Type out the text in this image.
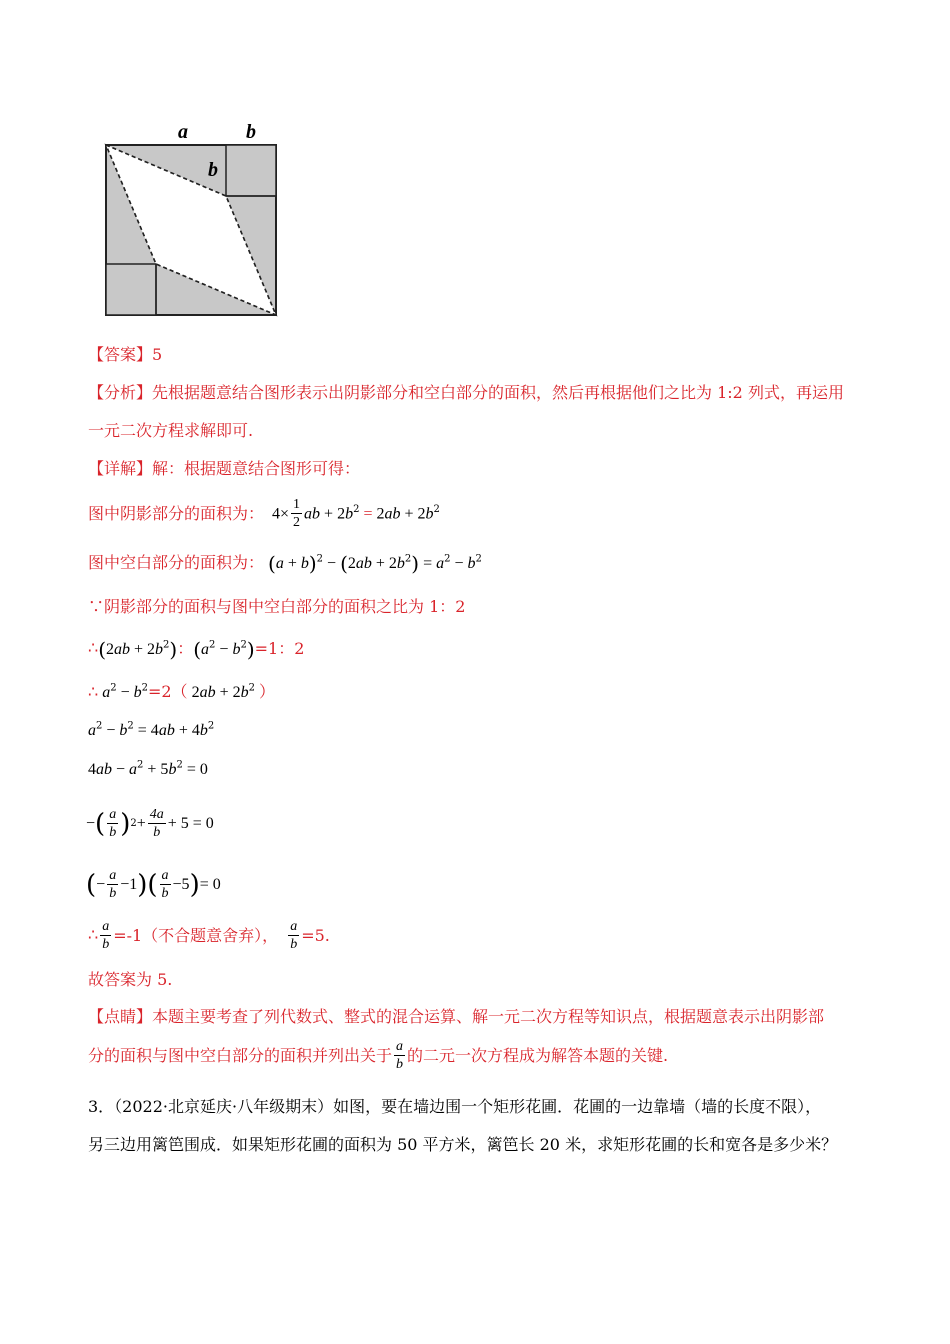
a	b
b
【答案】5
【分析】先根据题意结合图形表示出阴影部分和空白部分的面积，然后再根据他们之比为 1:2 列式，再运用
一元二次方程求解即可.
【详解】解：根据题意结合图形可得：
图中阴影部分的面积为： $4\times \frac{1}{2}$ ab + $2b^2 = 2ab + 2b^2$
图中空白部分的面积为： $(a + b)^2 - (2ab + 2b^2) = a^2 - b^2$
∵阴影部分的面积与图中空白部分的面积之比为 1：2
∴ $(2ab + 2b^2)$ ： $(a^2 - b^2) =1$：2
∴ $a^2 - b^2=2$（ $2ab + 2b^2$ ）
$a^2 - b^2 = 4ab + 4b^2$
$4ab - a^2 + 5b^2 = 0$
− ( $\frac{a}{b}$ ) $2 + \frac{4a}{b} + 5 = 0$
( − $\frac{a}{b} -1$ ) ( $\frac{a}{b} -5$ ) = 0
∴ $\frac{a}{b} =-1$（不合题意舍弃）， $\frac{a}{b} =5$.
故答案为 5.
【点睛】本题主要考查了列代数式、整式的混合运算、解一元二次方程等知识点，根据题意表示出阴影部
分的面积与图中空白部分的面积并列出关于 $\frac{a}{b}$ 的二元一次方程成为解答本题的关键.
3．（2022·北京延庆·八年级期末）如图，要在墙边围一个矩形花圃．花圃的一边靠墙（墙的长度不限），
另三边用篱笆围成．如果矩形花圃的面积为 50 平方米，篱笆长 20 米，求矩形花圃的长和宽各是多少米？
